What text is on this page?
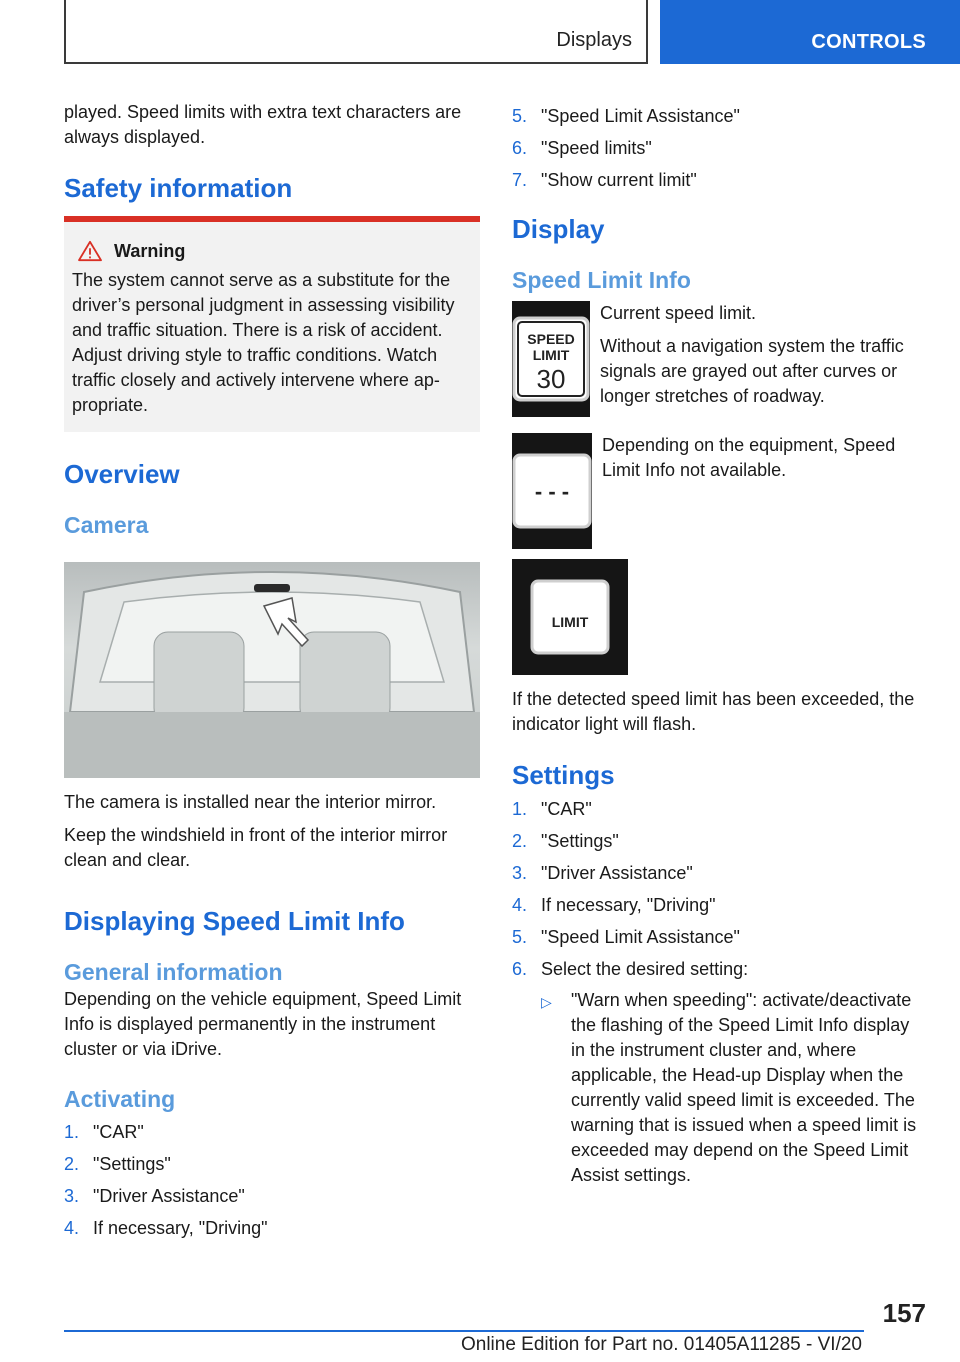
Displays	CONTROLS

played. Speed limits with extra text characters are always displayed.

Safety information
Warning

The system cannot serve as a substitute for the driver’s personal judgment in assessing visibility and traffic situation. There is a risk of accident. Adjust driving style to traffic conditions. Watch traffic closely and actively intervene where appropriate.

Overview
Camera

The camera is installed near the interior mirror.

Keep the windshield in front of the interior mirror clean and clear.

Displaying Speed Limit Info
General information

Depending on the vehicle equipment, Speed Limit Info is displayed permanently in the instrument cluster or via iDrive.

Activating
1. "CAR"
2. "Settings"
3. "Driver Assistance"
4. If necessary, "Driving"
5. "Speed Limit Assistance"
6. "Speed limits"
7. "Show current limit"
Display
Speed Limit Info
SPEED
LIMIT
30

Current speed limit.

Without a navigation system the traffic signals are grayed out after curves or longer stretches of roadway.

- - -

Depending on the equipment, Speed Limit Info not available.

LIMIT

If the detected speed limit has been exceeded, the indicator light will flash.

Settings
1. "CAR"
2. "Settings"
3. "Driver Assistance"
4. If necessary, "Driving"
5. "Speed Limit Assistance"
6. Select the desired setting:
▷ "Warn when speeding": activate/deactivate the flashing of the Speed Limit Info display in the instrument cluster and, where applicable, the Head-up Display when the currently valid speed limit is exceeded. The warning that is issued when a speed limit is exceeded may depend on the Speed Limit Assist settings.
157
Online Edition for Part no. 01405A11285 - VI/20
